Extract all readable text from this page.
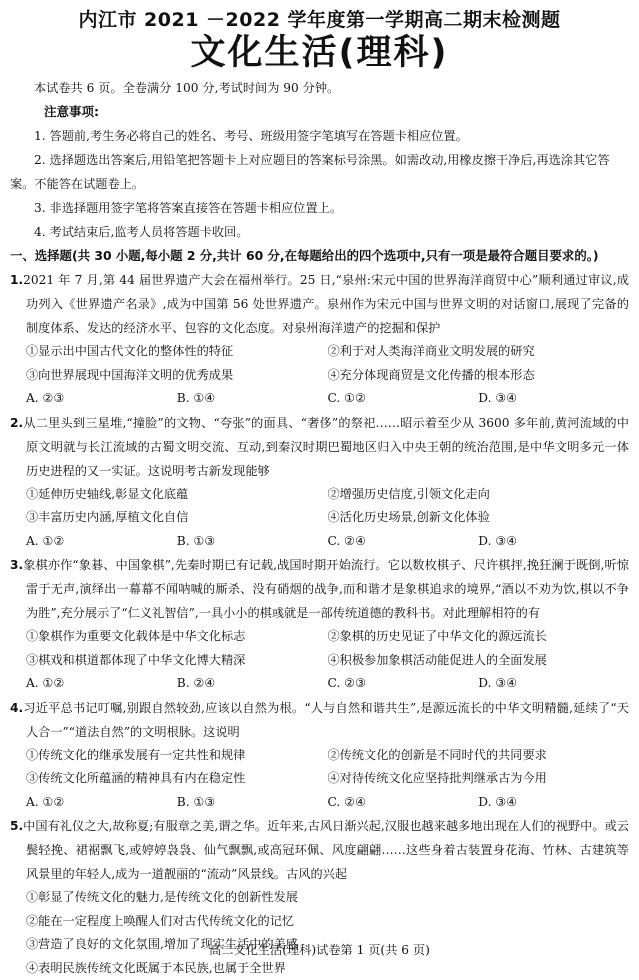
内江市 2021 －2022 学年度第一学期高二期末检测题
文化生活(理科)
本试卷共 6 页。全卷满分 100 分,考试时间为 90 分钟。
注意事项:
1. 答题前,考生务必将自己的姓名、考号、班级用签字笔填写在答题卡相应位置。
2. 选择题选出答案后,用铅笔把答题卡上对应题目的答案标号涂黑。如需改动,用橡皮擦干净后,再选涂其它答案。不能答在试题卷上。
3. 非选择题用签字笔将答案直接答在答题卡相应位置上。
4. 考试结束后,监考人员将答题卡收回。
一、选择题(共 30 小题,每小题 2 分,共计 60 分,在每题给出的四个选项中,只有一项是最符合题目要求的。)
1.2021 年 7 月,第 44 届世界遗产大会在福州举行。25 日,“泉州:宋元中国的世界海洋商贸中心”顺利通过审议,成功列入《世界遗产名录》,成为中国第 56 处世界遗产。泉州作为宋元中国与世界文明的对话窗口,展现了完备的制度体系、发达的经济水平、包容的文化态度。对泉州海洋遗产的挖掘和保护
①显示出中国古代文化的整体性的特征	②利于对人类海洋商业文明发展的研究
③向世界展现中国海洋文明的优秀成果	④充分体现商贸是文化传播的根本形态
A. ②③	B. ①④	C. ①②	D. ③④
2.从二里头到三星堆,“撞脸”的文物、“夸张”的面具、“奢侈”的祭祀……昭示着至少从 3600 多年前,黄河流域的中原文明就与长江流域的古蜀文明交流、互动,到秦汉时期巴蜀地区归入中央王朝的统治范围,是中华文明多元一体历史进程的又一实证。这说明考古新发现能够
①延伸历史轴线,彰显文化底蕴	②增强历史信度,引领文化走向
③丰富历史内涵,厚植文化自信	④活化历史场景,创新文化体验
A. ①②	B. ①③	C. ②④	D. ③④
3.象棋亦作“象碁、中国象棋”,先秦时期已有记载,战国时期开始流行。它以数枚棋子、尺许棋抨,挽狂澜于既倒,听惊雷于无声,演绎出一幕幕不闻呐喊的厮杀、没有硝烟的战争,而和谐才是象棋追求的境界,“酒以不劝为饮,棋以不争为胜”,充分展示了“仁义礼智信”,一具小小的棋彧就是一部传统道德的教科书。对此理解相符的有
①象棋作为重要文化载体是中华文化标志	②象棋的历史见证了中华文化的源远流长
③棋戏和棋道都体现了中华文化博大精深	④积极参加象棋活动能促进人的全面发展
A. ①②	B. ②④	C. ②③	D. ③④
4.习近平总书记叮嘱,别跟自然较劲,应该以自然为根。“人与自然和谐共生”,是源远流长的中华文明精髓,延续了“天人合一”“道法自然”的文明根脉。这说明
①传统文化的继承发展有一定共性和规律	②传统文化的创新是不同时代的共同要求
③传统文化所蕴涵的精神具有内在稳定性	④对待传统文化应坚持批判继承古为今用
A. ①②	B. ①③	C. ②④	D. ③④
5.中国有礼仪之大,故称夏;有服章之美,谓之华。近年来,古风日渐兴起,汉服也越来越多地出现在人们的视野中。或云鬓轻挽、裙裾飘飞,或婷婷袅袅、仙气飘飘,或高冠环佩、风度翩翩……这些身着古装置身花海、竹林、古建筑等风景里的年轻人,成为一道靓丽的“流动”风景线。古风的兴起
①彰显了传统文化的魅力,是传统文化的创新性发展
②能在一定程度上唤醒人们对古代传统文化的记忆
③营造了良好的文化氛围,增加了现实生活中的美感
④表明民族传统文化既属于本民族,也属于全世界
高二文化生活(理科)试卷第 1 页(共 6 页)
